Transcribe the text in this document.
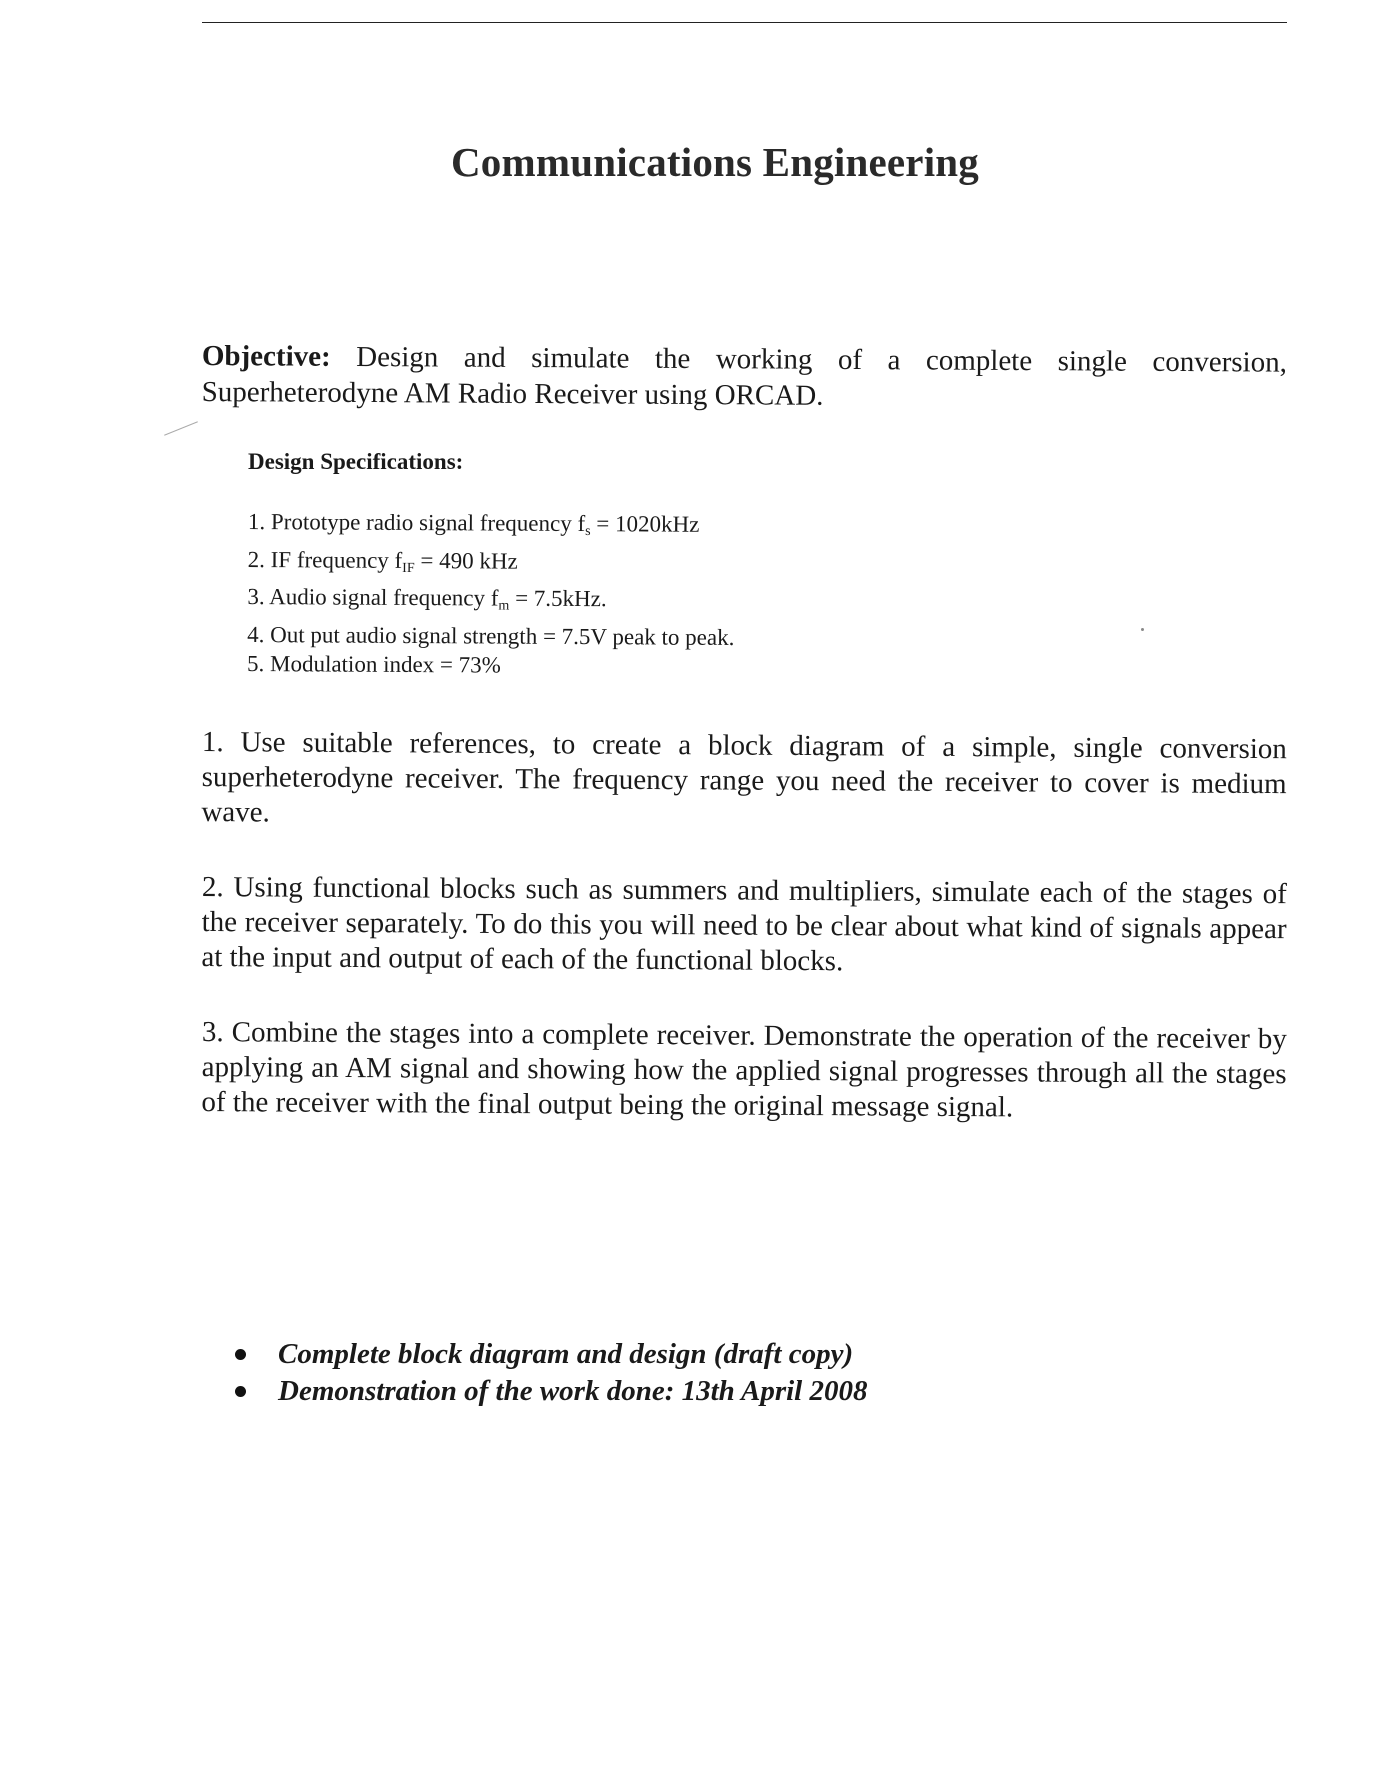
Communications Engineering
Objective: Design and simulate the working of a complete single conversion, Superheterodyne AM Radio Receiver using ORCAD.
Design Specifications:
1. Prototype radio signal frequency $f_s = 1020kHz$
2. IF frequency $f_{IF} = 490$ kHz
3. Audio signal frequency $f_m = 7.5kHz$.
4. Out put audio signal strength = 7.5V peak to peak.
5. Modulation index = 73%
1. Use suitable references, to create a block diagram of a simple, single conversion superheterodyne receiver. The frequency range you need the receiver to cover is medium wave.
2. Using functional blocks such as summers and multipliers, simulate each of the stages of the receiver separately. To do this you will need to be clear about what kind of signals appear at the input and output of each of the functional blocks.
3. Combine the stages into a complete receiver. Demonstrate the operation of the receiver by applying an AM signal and showing how the applied signal progresses through all the stages of the receiver with the final output being the original message signal.
Complete block diagram and design (draft copy)
Demonstration of the work done: 13th April 2008
